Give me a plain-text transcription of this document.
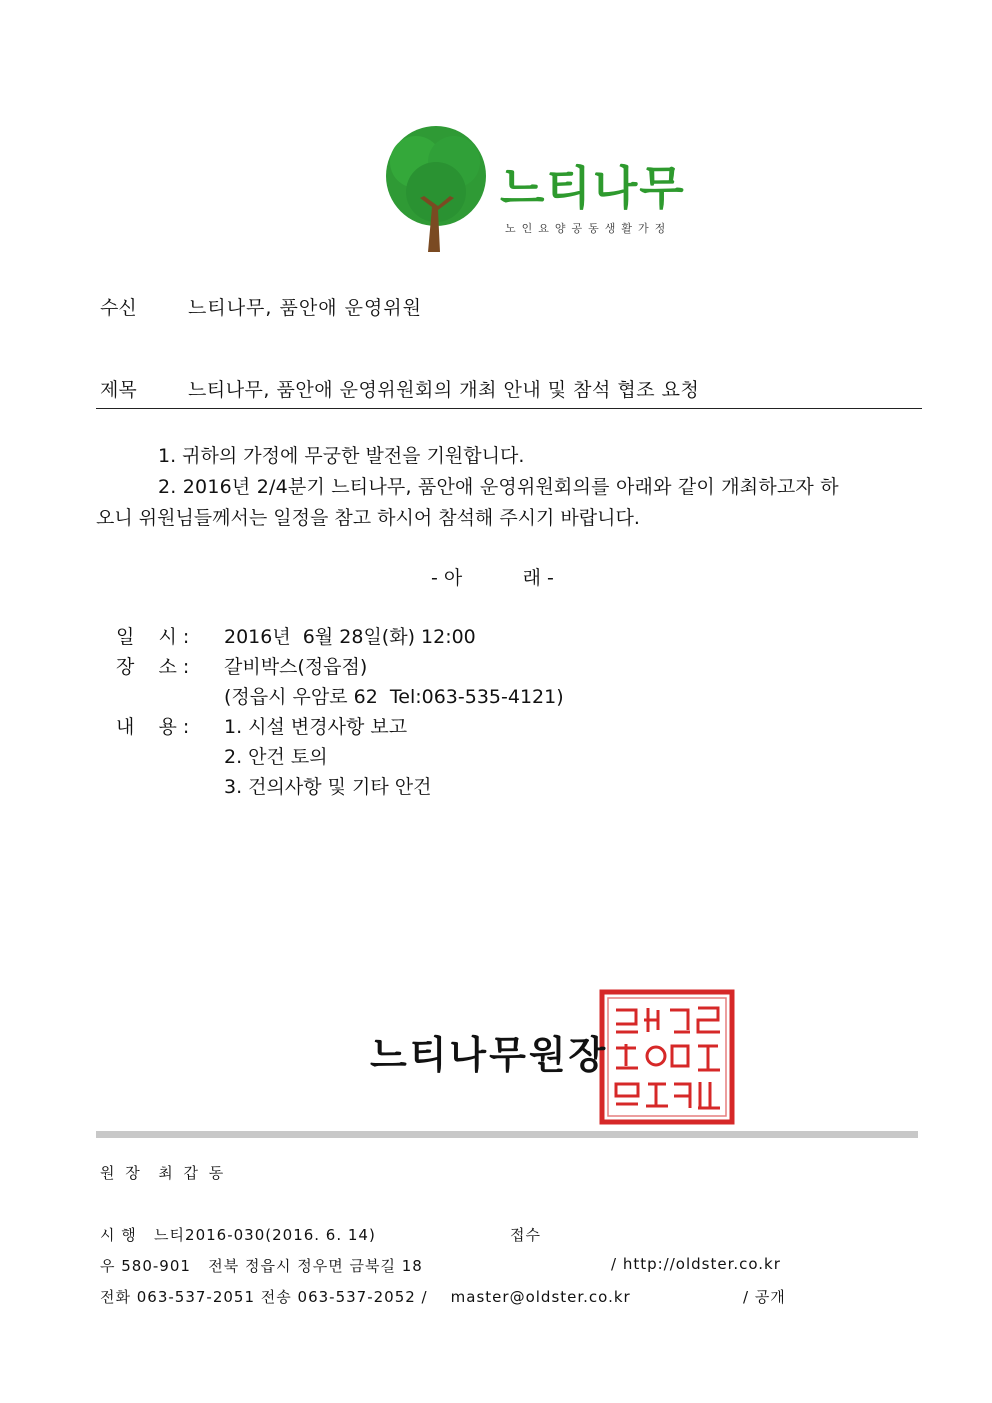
느티나무
노인요양공동생활가정
수신	느티나무, 품안애 운영위원
제목	느티나무, 품안애 운영위원회의 개최 안내 및 참석 협조 요청
1. 귀하의 가정에 무궁한 발전을 기원합니다.
2. 2016년 2/4분기 느티나무, 품안애 운영위원회의를 아래와 같이 개최하고자 하
오니 위원님들께서는 일정을 참고 하시어 참석해 주시기 바랍니다.
- 아          래 -
일    시 : 2016년  6월 28일(화) 12:00
장    소 : 갈비박스(정읍점)
(정읍시 우암로 62  Tel:063-535-4121)
내    용 : 1. 시설 변경사항 보고
2. 안건 토의
3. 건의사항 및 기타 안건
느티나무원장
원 장  최 갑 동
시 행   느티2016-030(2016. 6. 14)	접수
우 580-901   전북 정읍시 정우면 금북길 18	/ http://oldster.co.kr
전화 063-537-2051 전송 063-537-2052 /    master@oldster.co.kr	/ 공개
